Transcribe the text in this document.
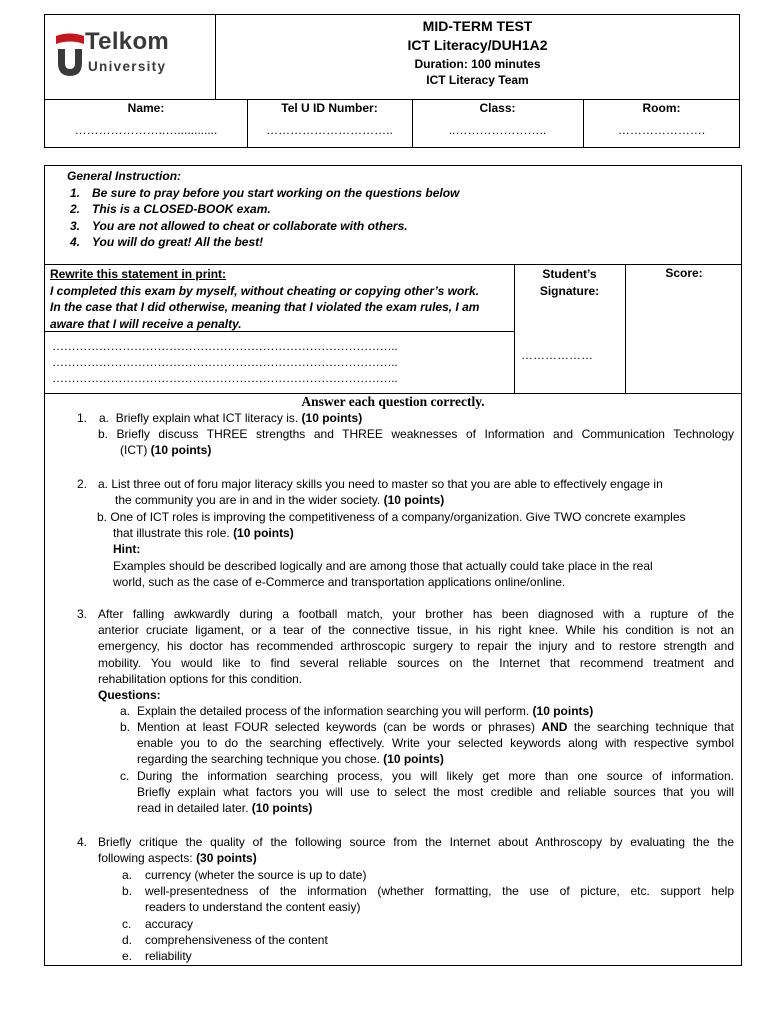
Telkom
University
MID-TERM TEST
ICT Literacy/DUH1A2
Duration: 100 minutes
ICT Literacy Team
Name:
…………………..…............
Tel U ID Number:
…………………………..
Class:
..…………………..
Room:
………………….
General Instruction:
1. Be sure to pray before you start working on the questions below
2. This is a CLOSED-BOOK exam.
3. You are not allowed to cheat or collaborate with others.
4. You will do great! All the best!
Rewrite this statement in print:
I completed this exam by myself, without cheating or copying other’s work.
In the case that I did otherwise, meaning that I violated the exam rules, I am
aware that I will receive a penalty.
……………………………………………………………………………..
……………………………………………………………………………..
……………………………………………………………………………..
Student’s
Signature:
………………
Score:
Answer each question correctly.
1. a. Briefly explain what ICT literacy is. (10 points)
b. Briefly discuss THREE strengths and THREE weaknesses of Information and Communication Technology
(ICT) (10 points)
2. a. List three out of foru major literacy skills you need to master so that you are able to effectively engage in
the community you are in and in the wider society. (10 points)
b. One of ICT roles is improving the competitiveness of a company/organization. Give TWO concrete examples
that illustrate this role. (10 points)
Hint:
Examples should be described logically and are among those that actually could take place in the real
world, such as the case of e-Commerce and transportation applications online/online.
3. After falling awkwardly during a football match, your brother has been diagnosed with a rupture of the
anterior cruciate ligament, or a tear of the connective tissue, in his right knee. While his condition is not an
emergency, his doctor has recommended arthroscopic surgery to repair the injury and to restore strength and
mobility. You would like to find several reliable sources on the Internet that recommend treatment and
rehabilitation options for this condition.
Questions:
a. Explain the detailed process of the information searching you will perform. (10 points)
b. Mention at least FOUR selected keywords (can be words or phrases) AND the searching technique that
enable you to do the searching effectively. Write your selected keywords along with respective symbol
regarding the searching technique you chose. (10 points)
c. During the information searching process, you will likely get more than one source of information.
Briefly explain what factors you will use to select the most credible and reliable sources that you will
read in detailed later. (10 points)
4. Briefly critique the quality of the following source from the Internet about Anthroscopy by evaluating the the
following aspects: (30 points)
a. currency (wheter the source is up to date)
b. well-presentedness of the information (whether formatting, the use of picture, etc. support help
readers to understand the content easiy)
c. accuracy
d. comprehensiveness of the content
e. reliability
